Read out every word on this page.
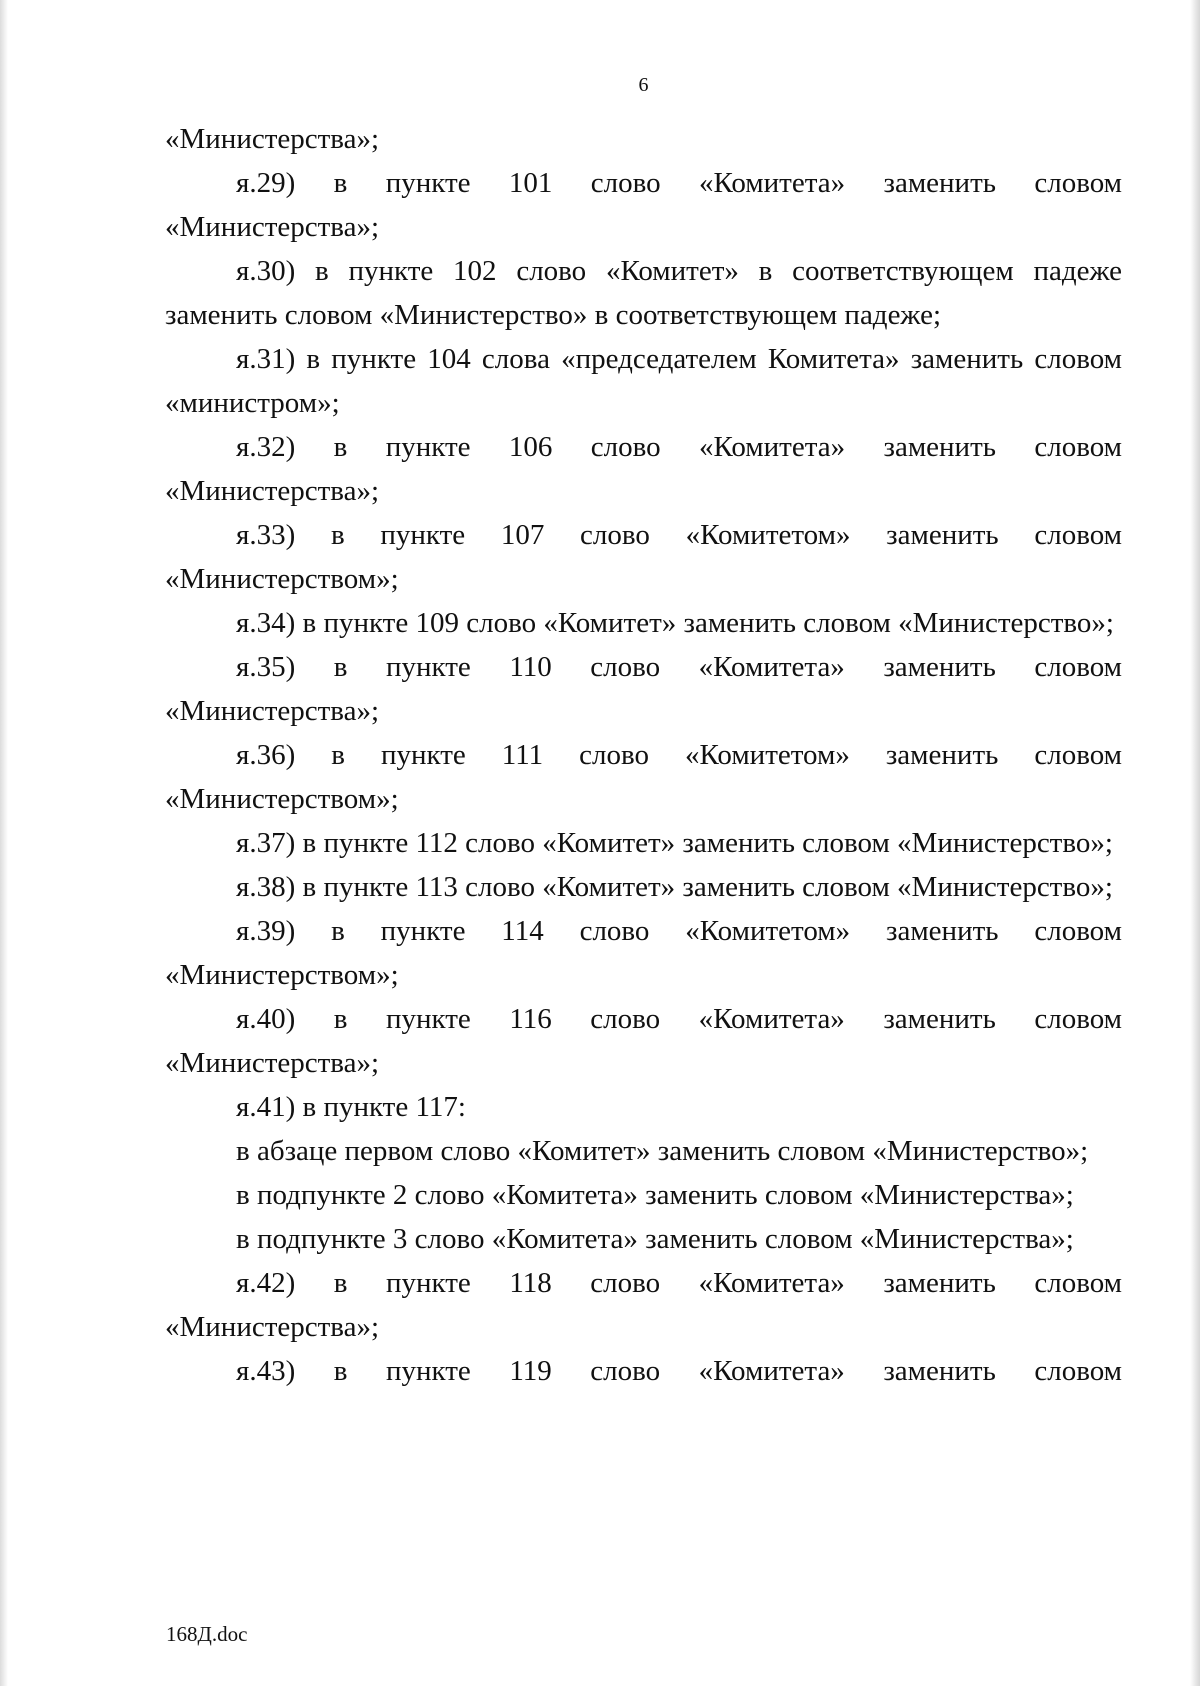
6

«Министерства»;

я.29) в пункте 101 слово «Комитета» заменить словом «Министерства»;

я.30) в пункте 102 слово «Комитет» в соответствующем падеже заменить словом «Министерство» в соответствующем падеже;

я.31) в пункте 104 слова «председателем Комитета» заменить словом «министром»;

я.32) в пункте 106 слово «Комитета» заменить словом «Министерства»;

я.33) в пункте 107 слово «Комитетом» заменить словом «Министерством»;

я.34) в пункте 109 слово «Комитет» заменить словом «Министерство»;

я.35) в пункте 110 слово «Комитета» заменить словом «Министерства»;

я.36) в пункте 111 слово «Комитетом» заменить словом «Министерством»;

я.37) в пункте 112 слово «Комитет» заменить словом «Министерство»;

я.38) в пункте 113 слово «Комитет» заменить словом «Министерство»;

я.39) в пункте 114 слово «Комитетом» заменить словом «Министерством»;

я.40) в пункте 116 слово «Комитета» заменить словом «Министерства»;

я.41) в пункте 117:

в абзаце первом слово «Комитет» заменить словом «Министерство»;

в подпункте 2 слово «Комитета» заменить словом «Министерства»;

в подпункте 3 слово «Комитета» заменить словом «Министерства»;

я.42) в пункте 118 слово «Комитета» заменить словом «Министерства»;

я.43) в пункте 119 слово «Комитета» заменить словом

168Д.doc
